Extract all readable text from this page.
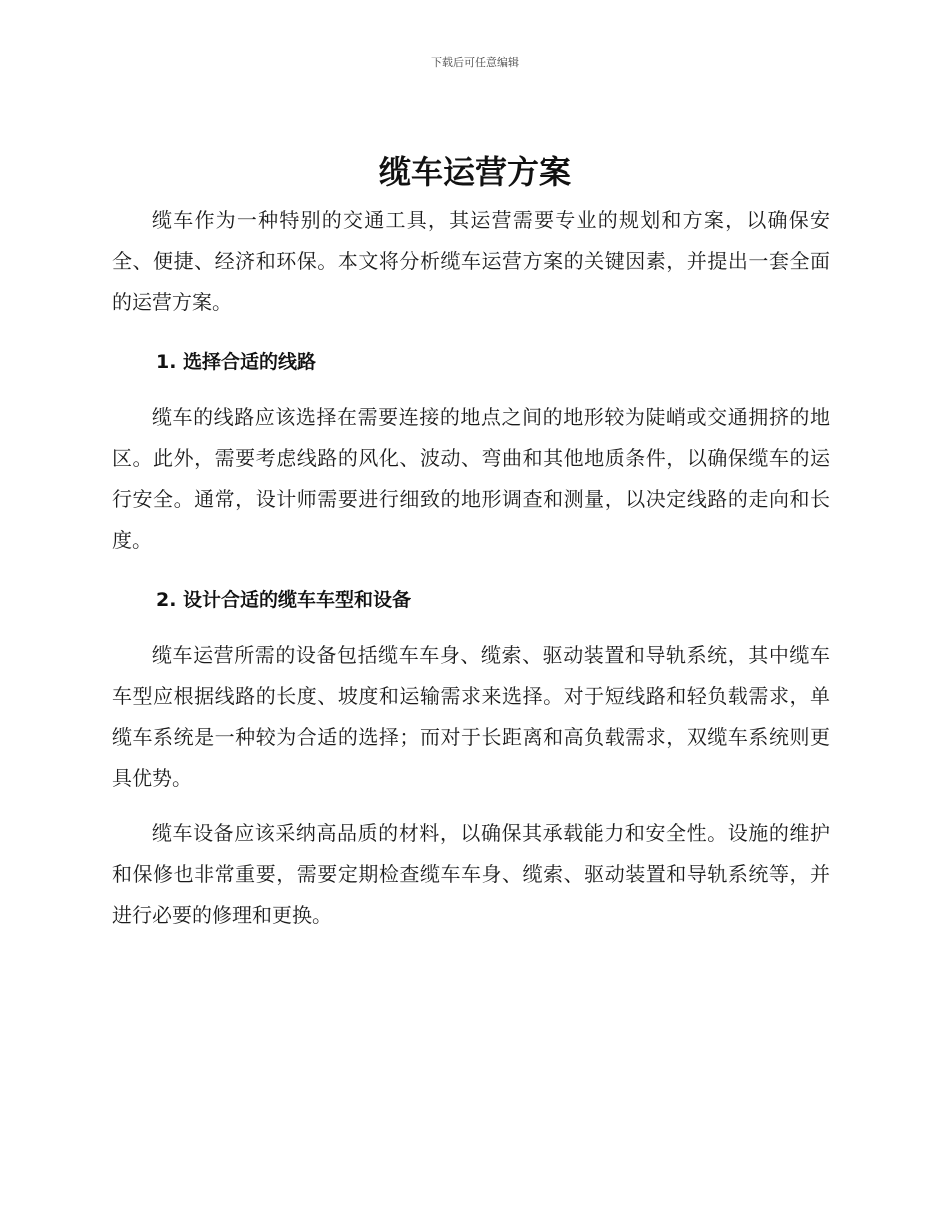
下载后可任意编辑

缆车运营方案

缆车作为一种特别的交通工具，其运营需要专业的规划和方案，以确保安全、便捷、经济和环保。本文将分析缆车运营方案的关键因素，并提出一套全面的运营方案。

1. 选择合适的线路

缆车的线路应该选择在需要连接的地点之间的地形较为陡峭或交通拥挤的地区。此外，需要考虑线路的风化、波动、弯曲和其他地质条件，以确保缆车的运行安全。通常，设计师需要进行细致的地形调查和测量，以决定线路的走向和长度。

2. 设计合适的缆车车型和设备

缆车运营所需的设备包括缆车车身、缆索、驱动装置和导轨系统，其中缆车车型应根据线路的长度、坡度和运输需求来选择。对于短线路和轻负载需求，单缆车系统是一种较为合适的选择；而对于长距离和高负载需求，双缆车系统则更具优势。

缆车设备应该采纳高品质的材料，以确保其承载能力和安全性。设施的维护和保修也非常重要，需要定期检查缆车车身、缆索、驱动装置和导轨系统等，并进行必要的修理和更换。
